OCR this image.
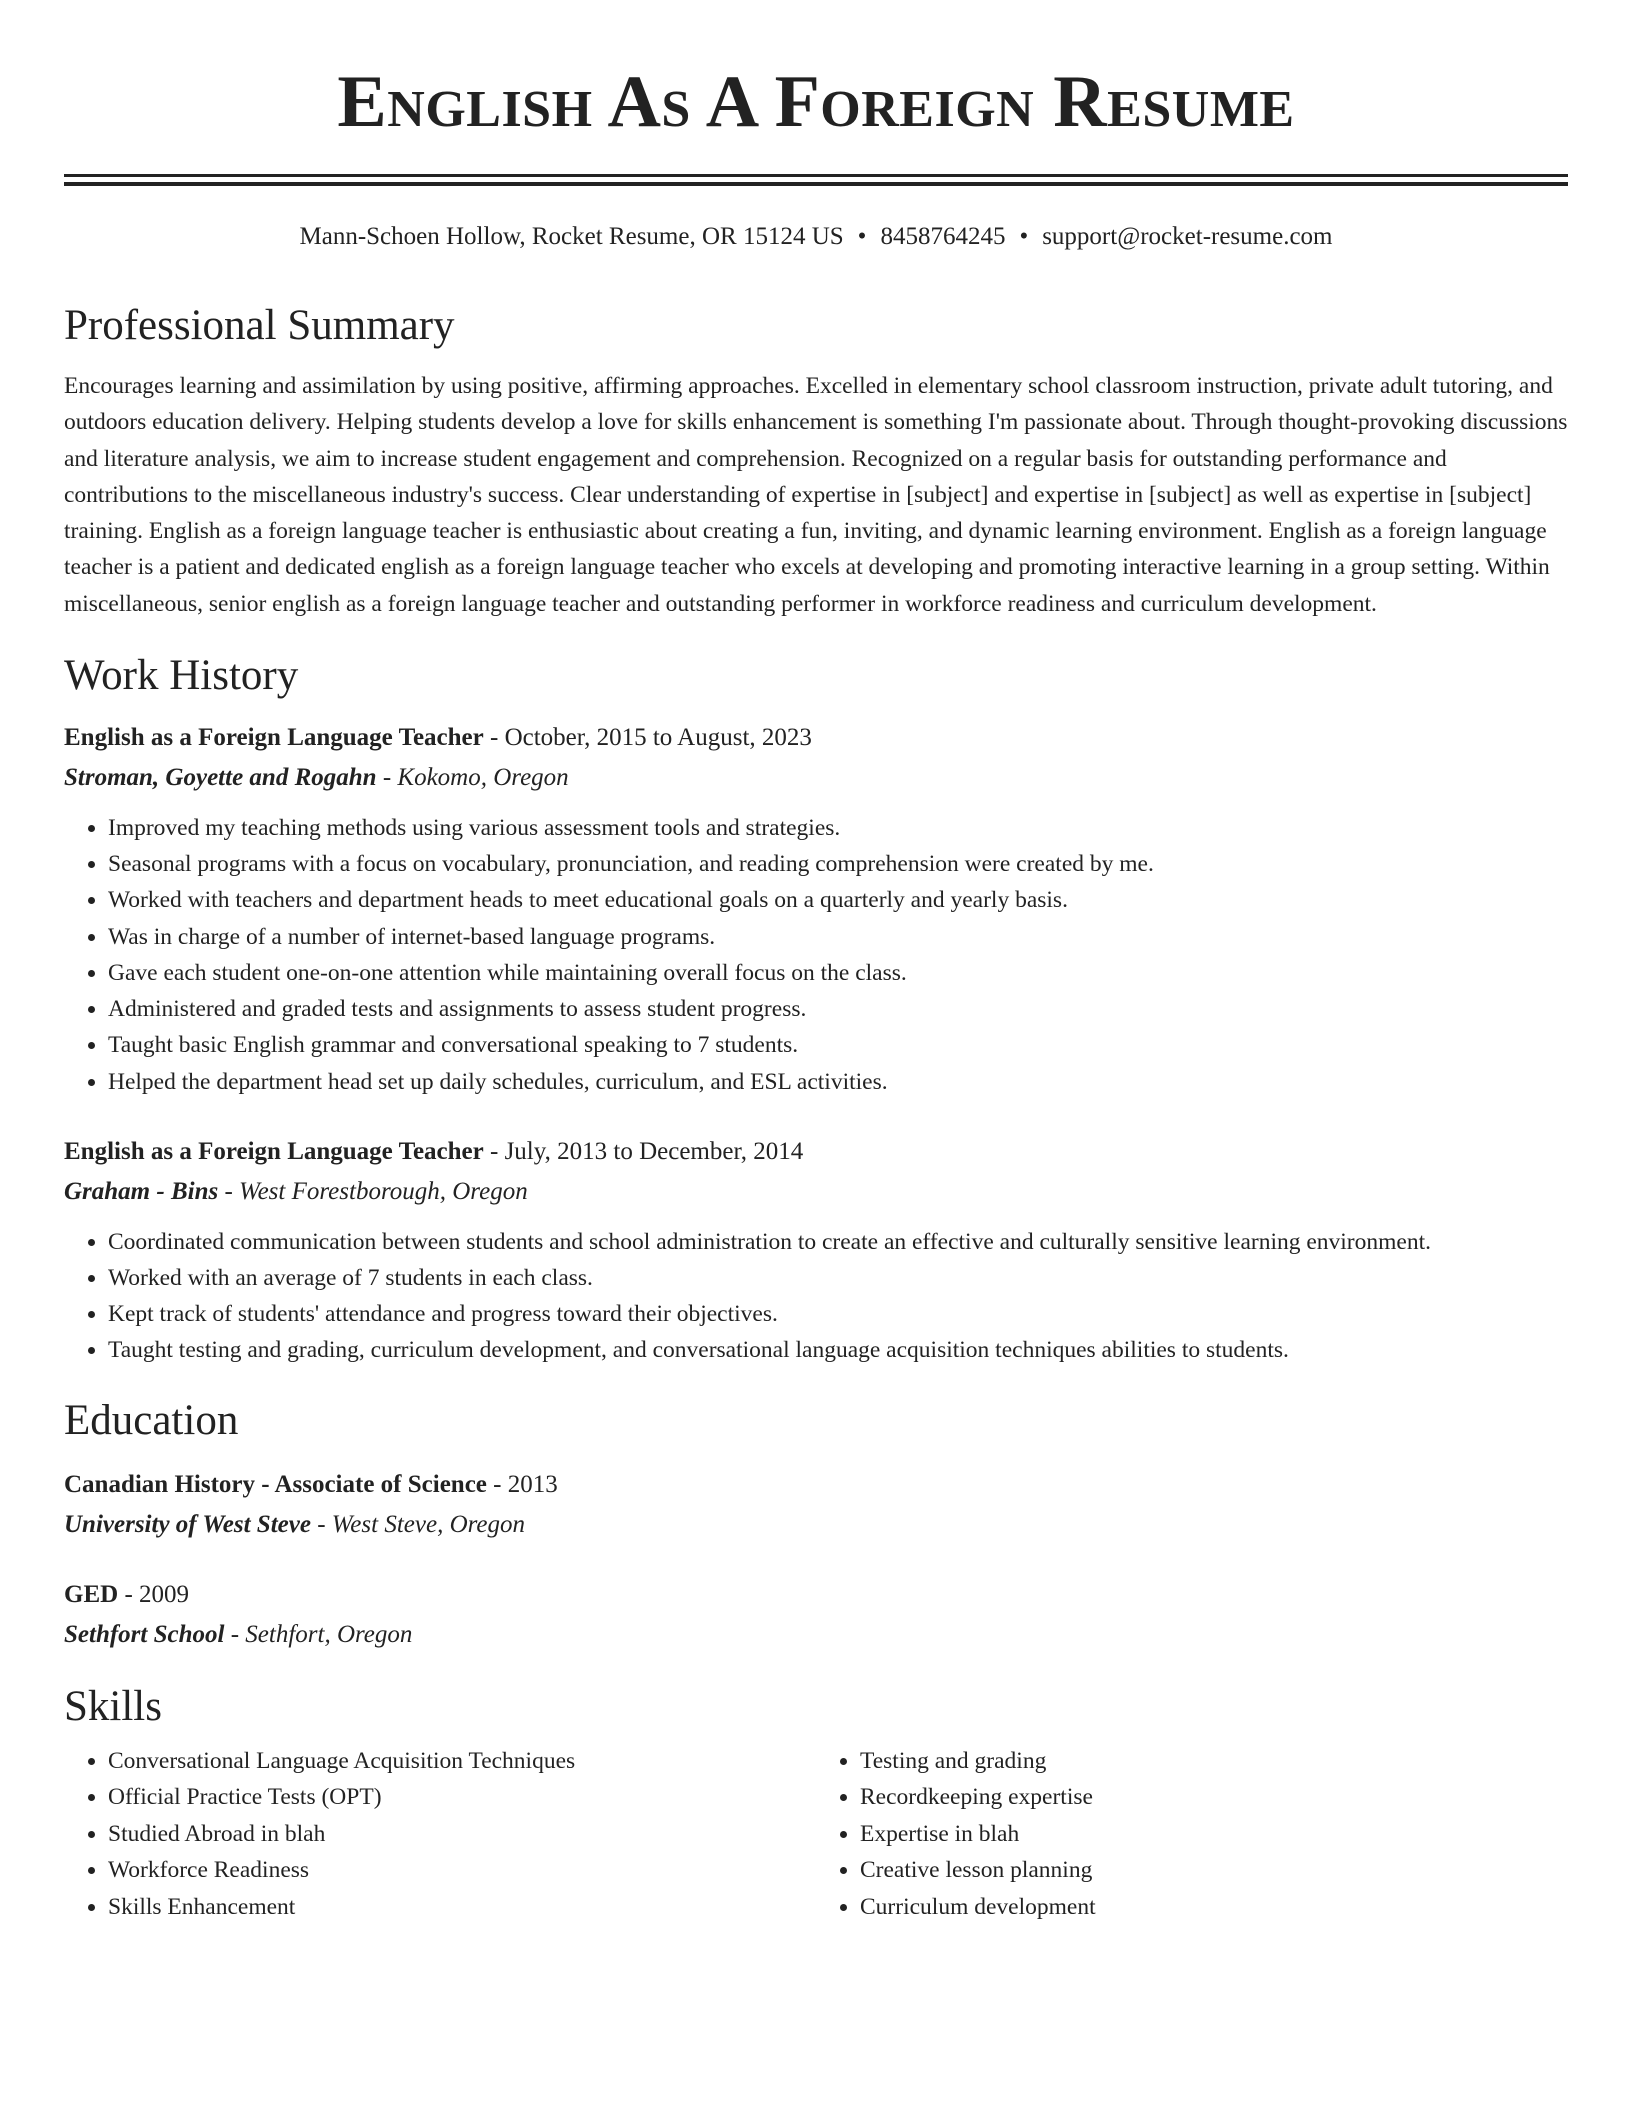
English As A Foreign Resume
Mann-Schoen Hollow, Rocket Resume, OR 15124 US • 8458764245 • support@rocket-resume.com
Professional Summary

Encourages learning and assimilation by using positive, affirming approaches. Excelled in elementary school classroom instruction, private adult tutoring, and outdoors education delivery. Helping students develop a love for skills enhancement is something I'm passionate about. Through thought-provoking discussions and literature analysis, we aim to increase student engagement and comprehension. Recognized on a regular basis for outstanding performance and contributions to the miscellaneous industry's success. Clear understanding of expertise in [subject] and expertise in [subject] as well as expertise in [subject] training. English as a foreign language teacher is enthusiastic about creating a fun, inviting, and dynamic learning environment. English as a foreign language teacher is a patient and dedicated english as a foreign language teacher who excels at developing and promoting interactive learning in a group setting. Within miscellaneous, senior english as a foreign language teacher and outstanding performer in workforce readiness and curriculum development.

Work History
English as a Foreign Language Teacher - October, 2015 to August, 2023
Stroman, Goyette and Rogahn - Kokomo, Oregon
• Improved my teaching methods using various assessment tools and strategies.
• Seasonal programs with a focus on vocabulary, pronunciation, and reading comprehension were created by me.
• Worked with teachers and department heads to meet educational goals on a quarterly and yearly basis.
• Was in charge of a number of internet-based language programs.
• Gave each student one-on-one attention while maintaining overall focus on the class.
• Administered and graded tests and assignments to assess student progress.
• Taught basic English grammar and conversational speaking to 7 students.
• Helped the department head set up daily schedules, curriculum, and ESL activities.
English as a Foreign Language Teacher - July, 2013 to December, 2014
Graham - Bins - West Forestborough, Oregon
• Coordinated communication between students and school administration to create an effective and culturally sensitive learning environment.
• Worked with an average of 7 students in each class.
• Kept track of students' attendance and progress toward their objectives.
• Taught testing and grading, curriculum development, and conversational language acquisition techniques abilities to students.
Education
Canadian History - Associate of Science - 2013
University of West Steve - West Steve, Oregon
GED - 2009
Sethfort School - Sethfort, Oregon
Skills
• Conversational Language Acquisition Techniques
• Official Practice Tests (OPT)
• Studied Abroad in blah
• Workforce Readiness
• Skills Enhancement
• Testing and grading
• Recordkeeping expertise
• Expertise in blah
• Creative lesson planning
• Curriculum development
